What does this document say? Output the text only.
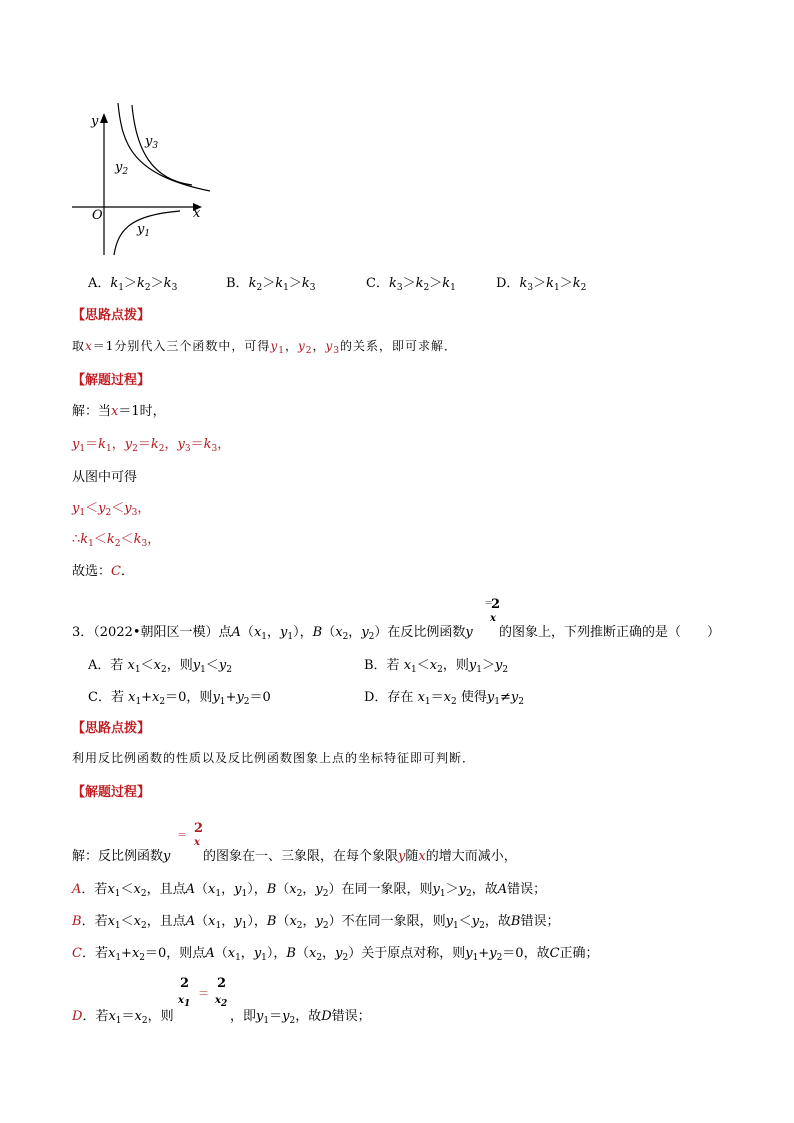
y
x
O
$y_3$
$y_2$
$y_1$
A．$k_1>k_2>k_3$	B．$k_2>k_1>k_3$	C．$k_3>k_2>k_1$	D．$k_3>k_1>k_2$
【思路点拨】
取x＝1分别代入三个函数中，可得$y_1$，$y_2$，$y_3$的关系，即可求解．
【解题过程】
解：当x＝1时，
$y_1=k_1$，$y_2=k_2$，$y_3=k_3$，
从图中可得
$y_1<y_2<y_3$，
$\therefore k_1<k_2<k_3$，
故选：C．
3．（2022•朝阳区一模）点$A(x_1$，$y_1$），$B(x_2$，$y_2$）在反比例函数y
＝
2
x
的图象上，下列推断正确的是（　　）
A．若 $x_1<x_2$，则$y_1<y_2$	B．若 $x_1<x_2$，则$y_1>y_2$
C．若 $x_1+x_2=0$，则$y_1+y_2=0$	D．存在 $x_1=x_2$ 使得$y_1\ne y_2$
【思路点拨】
利用反比例函数的性质以及反比例函数图象上点的坐标特征即可判断．
【解题过程】
解：反比例函数y
＝ 2
x
的图象在一、三象限，在每个象限y随x的增大而减小，
A．若$x_1<x_2$，且点$A(x_1$，$y_1$），$B(x_2$，$y_2$）在同一象限，则$y_1>y_2$，故A错误；
B．若$x_1<x_2$，且点$A(x_1$，$y_1$），$B(x_2$，$y_2$）不在同一象限，则$y_1<y_2$，故B错误；
C．若$x_1+x_2=0$，则点$A(x_1$，$y_1$），$B(x_2$，$y_2$）关于原点对称，则$y_1+y_2=0$，故C正确；
D．若$x_1=x_2$，则
2
$x_1$
＝
2
$x_2$
，即$y_1=y_2$，故D错误；
